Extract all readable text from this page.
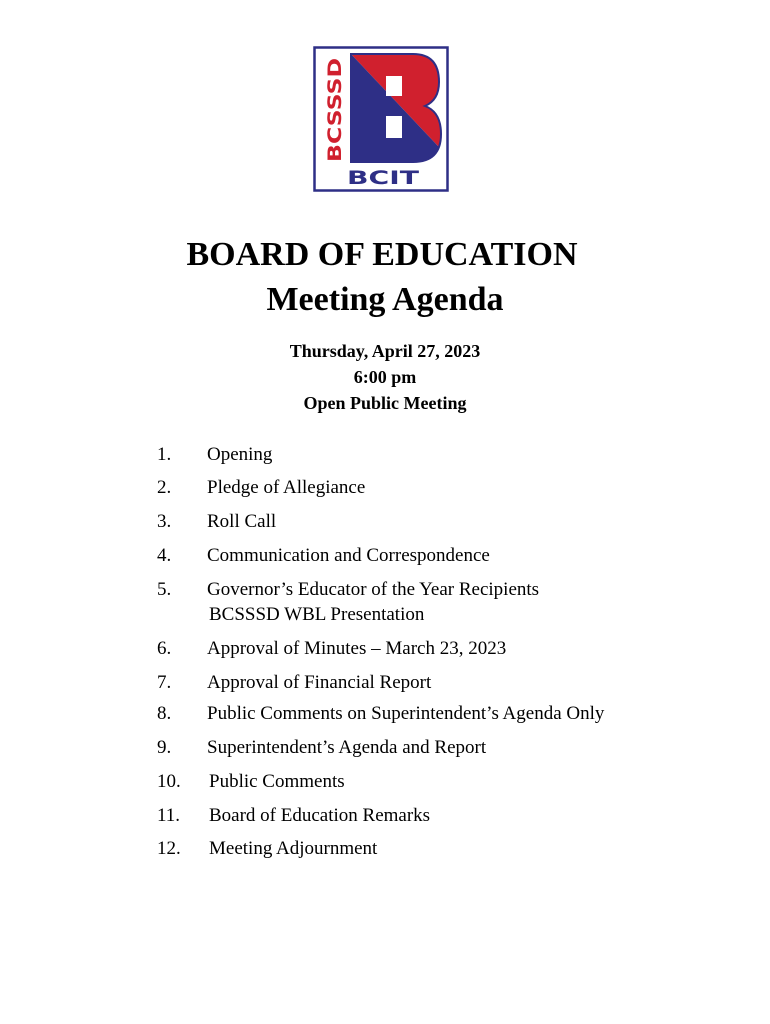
BCSSSD
BCIT
BOARD OF EDUCATION
Meeting Agenda

Thursday, April 27, 2023

6:00 pm

Open Public Meeting

1. Opening
2. Pledge of Allegiance
3. Roll Call
4. Communication and Correspondence
5. Governor’s Educator of the Year Recipients
BCSSSD WBL Presentation
6. Approval of Minutes – March 23, 2023
7. Approval of Financial Report
8. Public Comments on Superintendent’s Agenda Only
9. Superintendent’s Agenda and Report
10. Public Comments
11. Board of Education Remarks
12. Meeting Adjournment
